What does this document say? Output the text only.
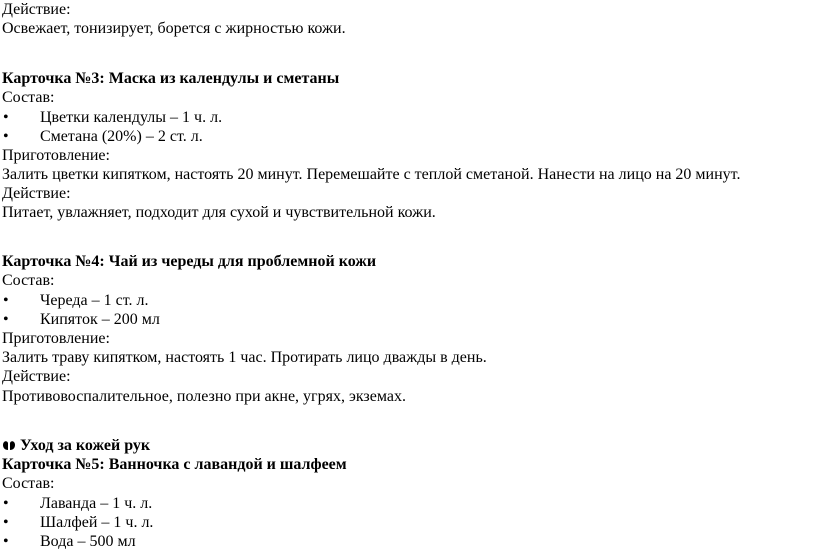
Действие:
Освежает, тонизирует, борется с жирностью кожи.
Карточка №3: Маска из календулы и сметаны
Состав:
• Цветки календулы – 1 ч. л.
• Сметана (20%) – 2 ст. л.
Приготовление:
Залить цветки кипятком, настоять 20 минут. Перемешайте с теплой сметаной. Нанести на лицо на 20 минут.
Действие:
Питает, увлажняет, подходит для сухой и чувствительной кожи.
Карточка №4: Чай из череды для проблемной кожи
Состав:
• Череда – 1 ст. л.
• Кипяток – 200 мл
Приготовление:
Залить траву кипятком, настоять 1 час. Протирать лицо дважды в день.
Действие:
Противовоспалительное, полезно при акне, угрях, экземах.
Уход за кожей рук
Карточка №5: Ванночка с лавандой и шалфеем
Состав:
• Лаванда – 1 ч. л.
• Шалфей – 1 ч. л.
• Вода – 500 мл
